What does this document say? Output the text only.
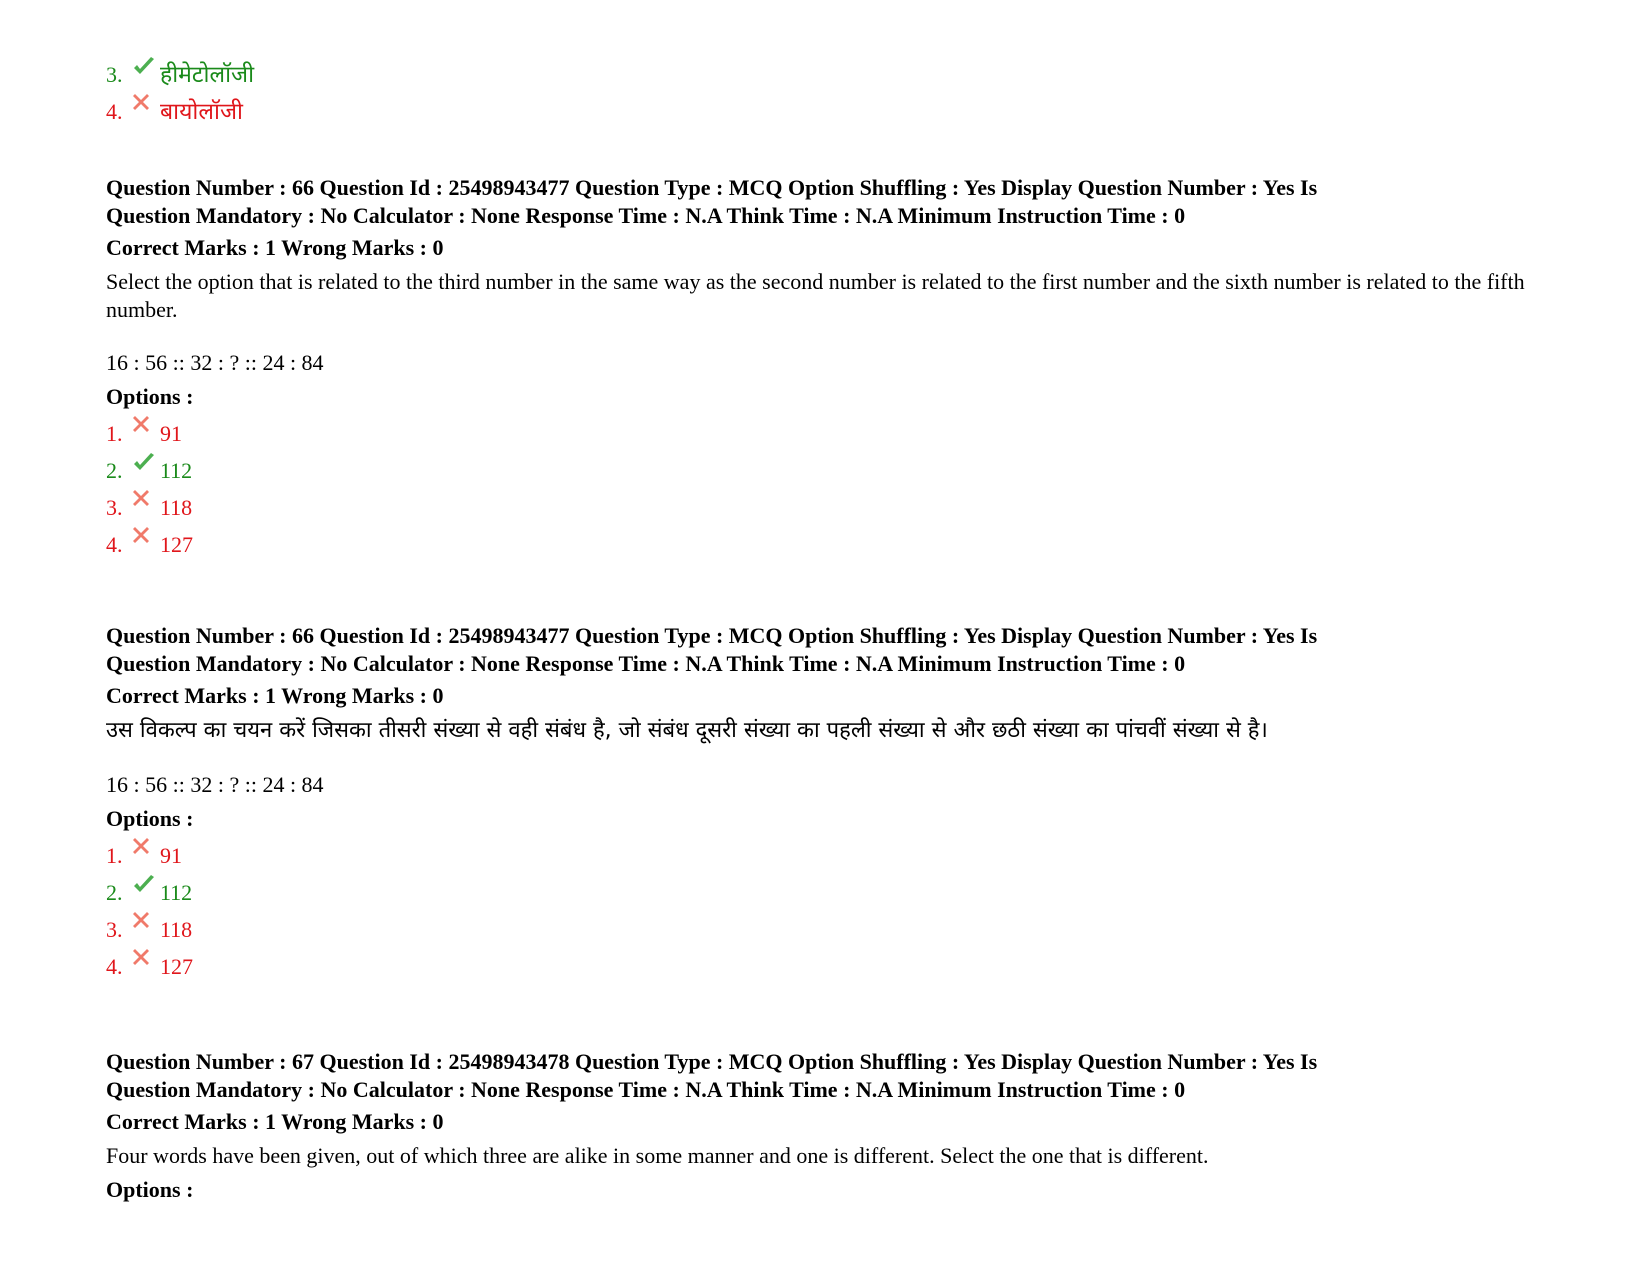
3.	हीमेटोलॉजी
4.	बायोलॉजी

Question Number : 66 Question Id : 25498943477 Question Type : MCQ Option Shuffling : Yes Display Question Number : Yes Is

Question Mandatory : No Calculator : None Response Time : N.A Think Time : N.A Minimum Instruction Time : 0

Correct Marks : 1 Wrong Marks : 0

Select the option that is related to the third number in the same way as the second number is related to the first number and the sixth number is related to the fifth number.

16 : 56 :: 32 : ? :: 24 : 84

Options :

1.	91
2.	112
3.	118
4.	127

Question Number : 66 Question Id : 25498943477 Question Type : MCQ Option Shuffling : Yes Display Question Number : Yes Is

Question Mandatory : No Calculator : None Response Time : N.A Think Time : N.A Minimum Instruction Time : 0

Correct Marks : 1 Wrong Marks : 0

उस विकल्प का चयन करें जिसका तीसरी संख्या से वही संबंध है, जो संबंध दूसरी संख्या का पहली संख्या से और छठी संख्या का पांचवीं संख्या से है।

16 : 56 :: 32 : ? :: 24 : 84

Options :

1.	91
2.	112
3.	118
4.	127

Question Number : 67 Question Id : 25498943478 Question Type : MCQ Option Shuffling : Yes Display Question Number : Yes Is

Question Mandatory : No Calculator : None Response Time : N.A Think Time : N.A Minimum Instruction Time : 0

Correct Marks : 1 Wrong Marks : 0

Four words have been given, out of which three are alike in some manner and one is different. Select the one that is different.

Options :
